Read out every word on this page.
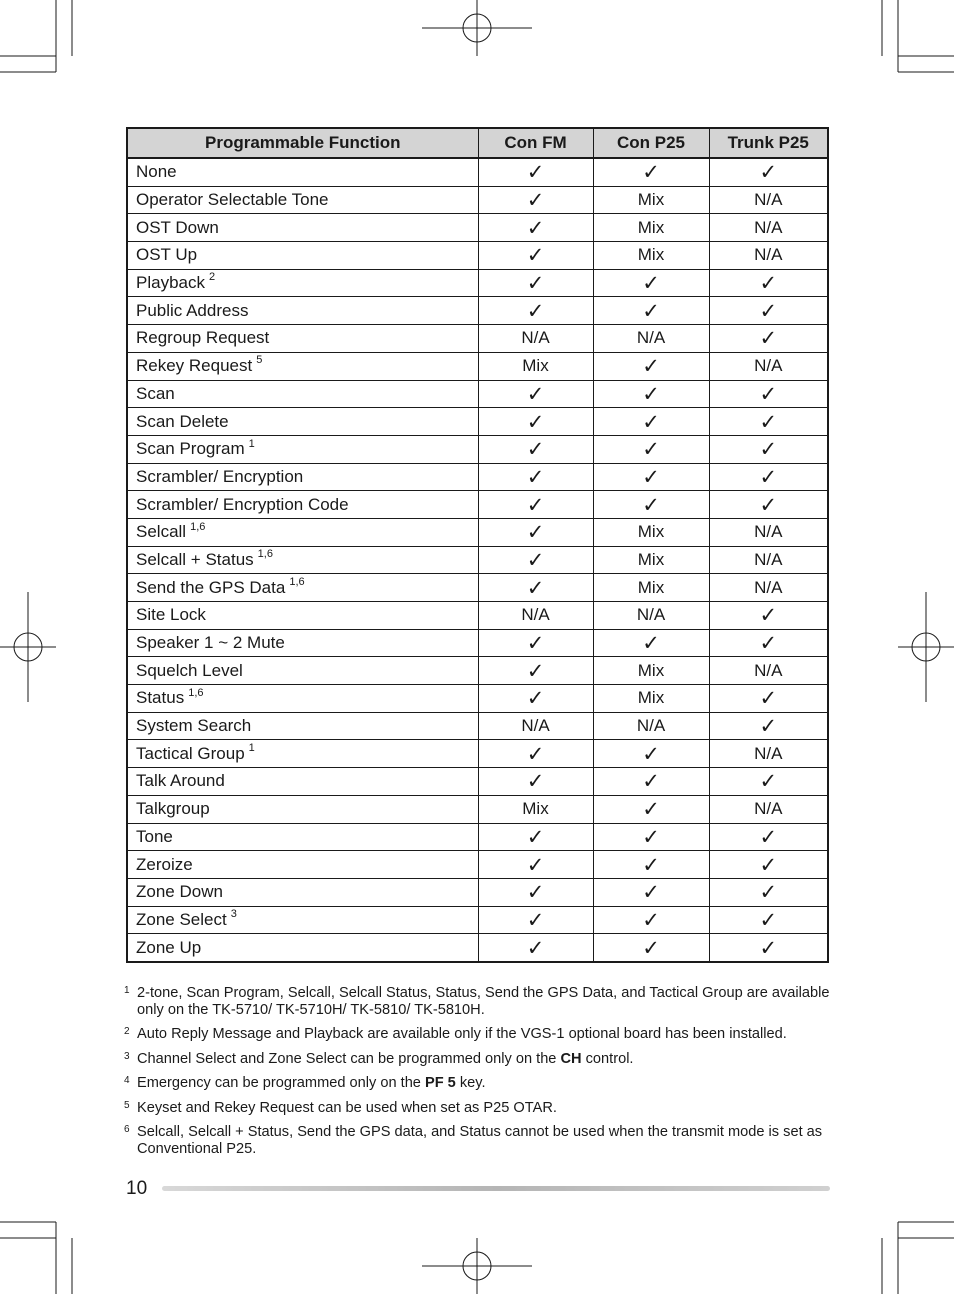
Programmable Function	Con FM	Con P25	Trunk P25
None	✓	✓	✓
Operator Selectable Tone	✓	Mix	N/A
OST Down	✓	Mix	N/A
OST Up	✓	Mix	N/A
Playback $^2$	✓	✓	✓
Public Address	✓	✓	✓
Regroup Request	N/A	N/A	✓
Rekey Request $^5$	Mix	✓	N/A
Scan	✓	✓	✓
Scan Delete	✓	✓	✓
Scan Program $^1$	✓	✓	✓
Scrambler/ Encryption	✓	✓	✓
Scrambler/ Encryption Code	✓	✓	✓
Selcall $^{1,6}$	✓	Mix	N/A
Selcall + Status $^{1,6}$	✓	Mix	N/A
Send the GPS Data $^{1,6}$	✓	Mix	N/A
Site Lock	N/A	N/A	✓
Speaker 1 ~ 2 Mute	✓	✓	✓
Squelch Level	✓	Mix	N/A
Status $^{1,6}$	✓	Mix	✓
System Search	N/A	N/A	✓
Tactical Group $^1$	✓	✓	N/A
Talk Around	✓	✓	✓
Talkgroup	Mix	✓	N/A
Tone	✓	✓	✓
Zeroize	✓	✓	✓
Zone Down	✓	✓	✓
Zone Select $^3$	✓	✓	✓
Zone Up	✓	✓	✓
1 2-tone, Scan Program, Selcall, Selcall Status, Status, Send the GPS Data, and Tactical Group are available only on the TK-5710/ TK-5710H/ TK-5810/ TK-5810H.
2 Auto Reply Message and Playback are available only if the VGS-1 optional board has been installed.
3 Channel Select and Zone Select can be programmed only on the CH control.
4 Emergency can be programmed only on the PF 5 key.
5 Keyset and Rekey Request can be used when set as P25 OTAR.
6 Selcall, Selcall + Status, Send the GPS data, and Status cannot be used when the transmit mode is set as Conventional P25.
10
